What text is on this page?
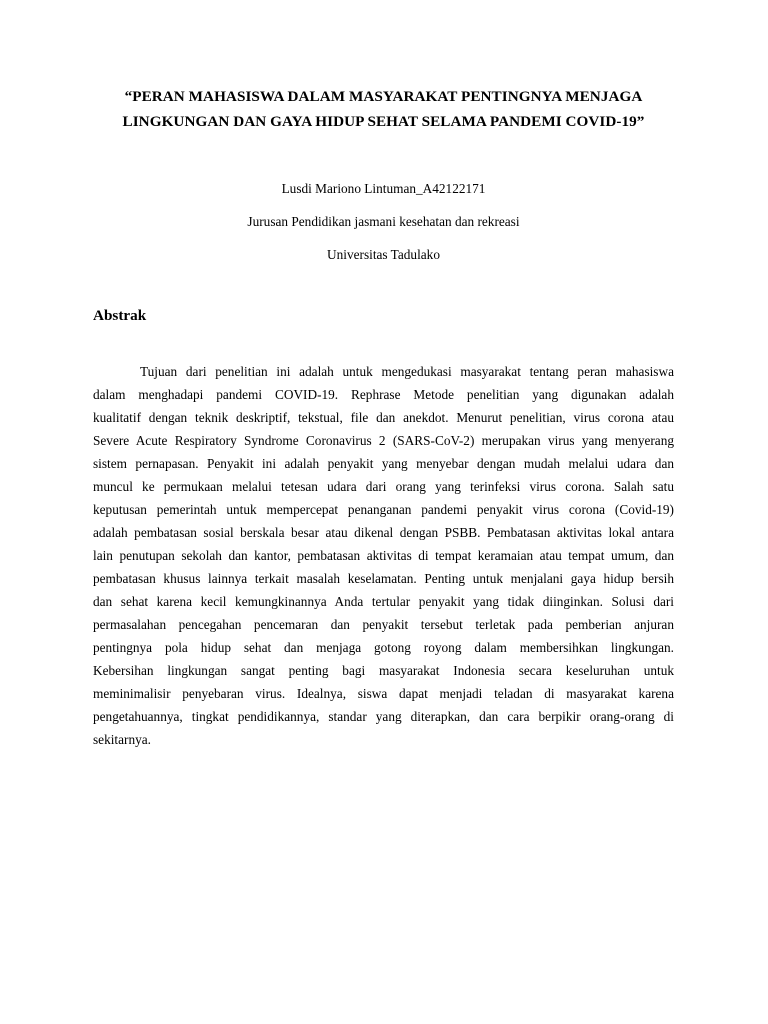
“PERAN MAHASISWA DALAM MASYARAKAT PENTINGNYA MENJAGA
LINGKUNGAN DAN GAYA HIDUP SEHAT SELAMA PANDEMI COVID-19”
Lusdi Mariono Lintuman_A42122171
Jurusan Pendidikan jasmani kesehatan dan rekreasi
Universitas Tadulako
Abstrak
Tujuan dari penelitian ini adalah untuk mengedukasi masyarakat tentang peran mahasiswa
dalam menghadapi pandemi COVID-19. Rephrase Metode penelitian yang digunakan adalah
kualitatif dengan teknik deskriptif, tekstual, file dan anekdot. Menurut penelitian, virus corona atau
Severe Acute Respiratory Syndrome Coronavirus 2 (SARS-CoV-2) merupakan virus yang menyerang
sistem pernapasan. Penyakit ini adalah penyakit yang menyebar dengan mudah melalui udara dan
muncul ke permukaan melalui tetesan udara dari orang yang terinfeksi virus corona. Salah satu
keputusan pemerintah untuk mempercepat penanganan pandemi penyakit virus corona (Covid-19)
adalah pembatasan sosial berskala besar atau dikenal dengan PSBB. Pembatasan aktivitas lokal antara
lain penutupan sekolah dan kantor, pembatasan aktivitas di tempat keramaian atau tempat umum, dan
pembatasan khusus lainnya terkait masalah keselamatan. Penting untuk menjalani gaya hidup bersih
dan sehat karena kecil kemungkinannya Anda tertular penyakit yang tidak diinginkan. Solusi dari
permasalahan pencegahan pencemaran dan penyakit tersebut terletak pada pemberian anjuran
pentingnya pola hidup sehat dan menjaga gotong royong dalam membersihkan lingkungan.
Kebersihan lingkungan sangat penting bagi masyarakat Indonesia secara keseluruhan untuk
meminimalisir penyebaran virus. Idealnya, siswa dapat menjadi teladan di masyarakat karena
pengetahuannya, tingkat pendidikannya, standar yang diterapkan, dan cara berpikir orang-orang di
sekitarnya.
